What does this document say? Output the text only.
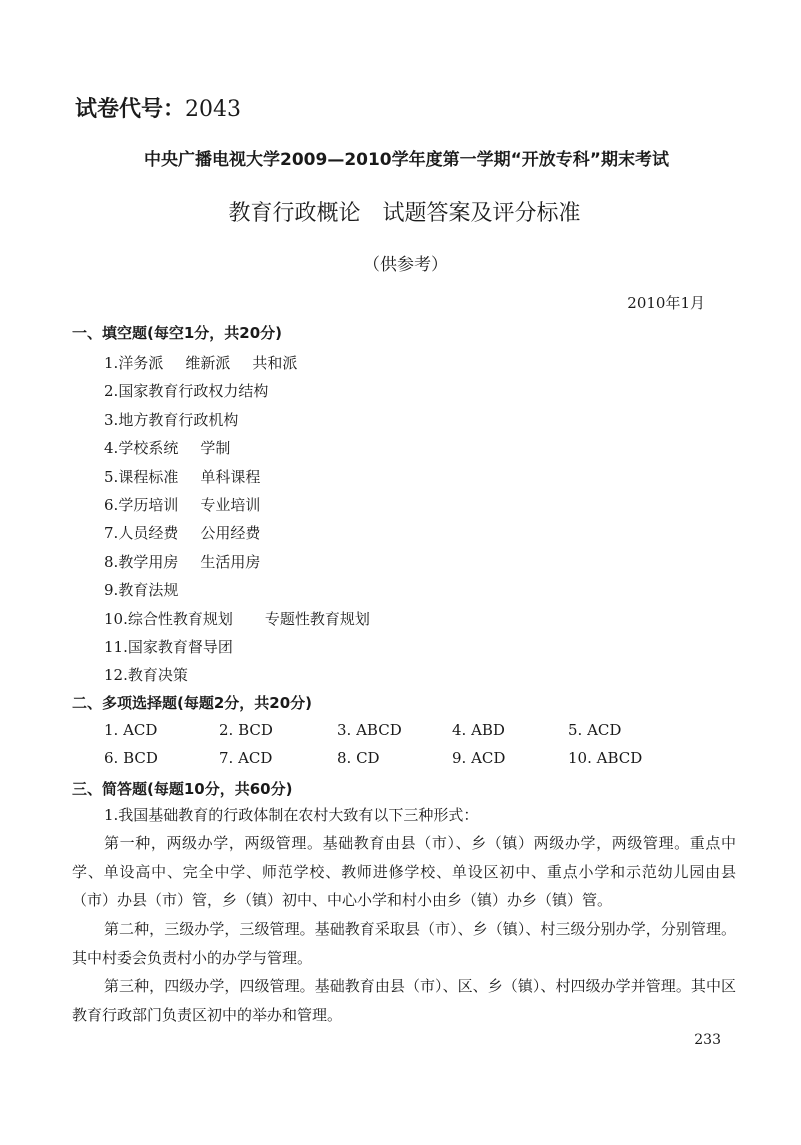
试卷代号：2043
中央广播电视大学2009—2010学年度第一学期“开放专科”期末考试
教育行政概论　试题答案及评分标准
（供参考）
2010年1月
一、填空题(每空1分，共20分)
1.洋务派 维新派 共和派
2.国家教育行政权力结构
3.地方教育行政机构
4.学校系统 学制
5.课程标准 单科课程
6.学历培训 专业培训
7.人员经费 公用经费
8.教学用房 生活用房
9.教育法规
10.综合性教育规划 专题性教育规划
11.国家教育督导团
12.教育决策
二、多项选择题(每题2分，共20分)
1. ACD	2. BCD	3. ABCD	4. ABD	5. ACD
6. BCD	7. ACD	8. CD	9. ACD	10. ABCD
三、简答题(每题10分，共60分)
1.我国基础教育的行政体制在农村大致有以下三种形式：
第一种，两级办学，两级管理。基础教育由县（市）、乡（镇）两级办学，两级管理。重点中学、单设高中、完全中学、师范学校、教师进修学校、单设区初中、重点小学和示范幼儿园由县（市）办县（市）管，乡（镇）初中、中心小学和村小由乡（镇）办乡（镇）管。
第二种，三级办学，三级管理。基础教育采取县（市）、乡（镇）、村三级分别办学，分别管理。其中村委会负责村小的办学与管理。
第三种，四级办学，四级管理。基础教育由县（市）、区、乡（镇）、村四级办学并管理。其中区教育行政部门负责区初中的举办和管理。
233
